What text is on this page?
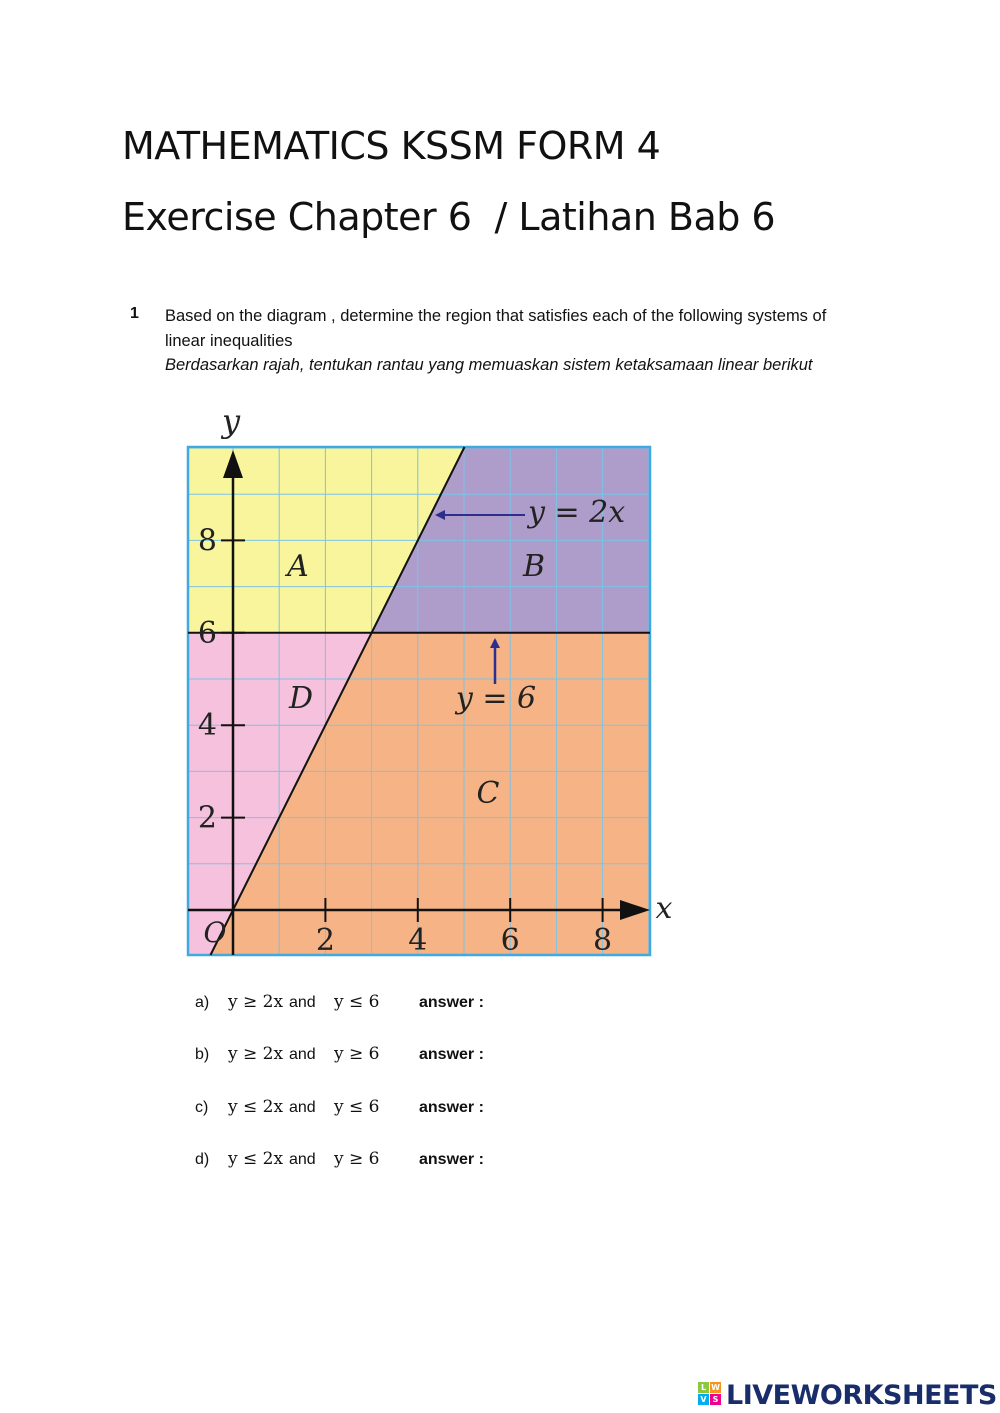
MATHEMATICS KSSM FORM 4
Exercise Chapter 6  / Latihan Bab 6
1 Based on the diagram , determine the region that satisfies each of the following systems of linear inequalities
Berdasarkan rajah, tentukan rantau yang memuaskan sistem ketaksamaan linear berikut
2 4 6 8
2
4
6
8
x
y
O
y = 2x
y = 6
A	B
C
D
a) y ≥ 2x and y ≤ 6 answer :
b) y ≥ 2x and y ≥ 6 answer :
c) y ≤ 2x and y ≤ 6 answer :
d) y ≤ 2x and y ≥ 6 answer :
L W
V S LIVEWORKSHEETS
